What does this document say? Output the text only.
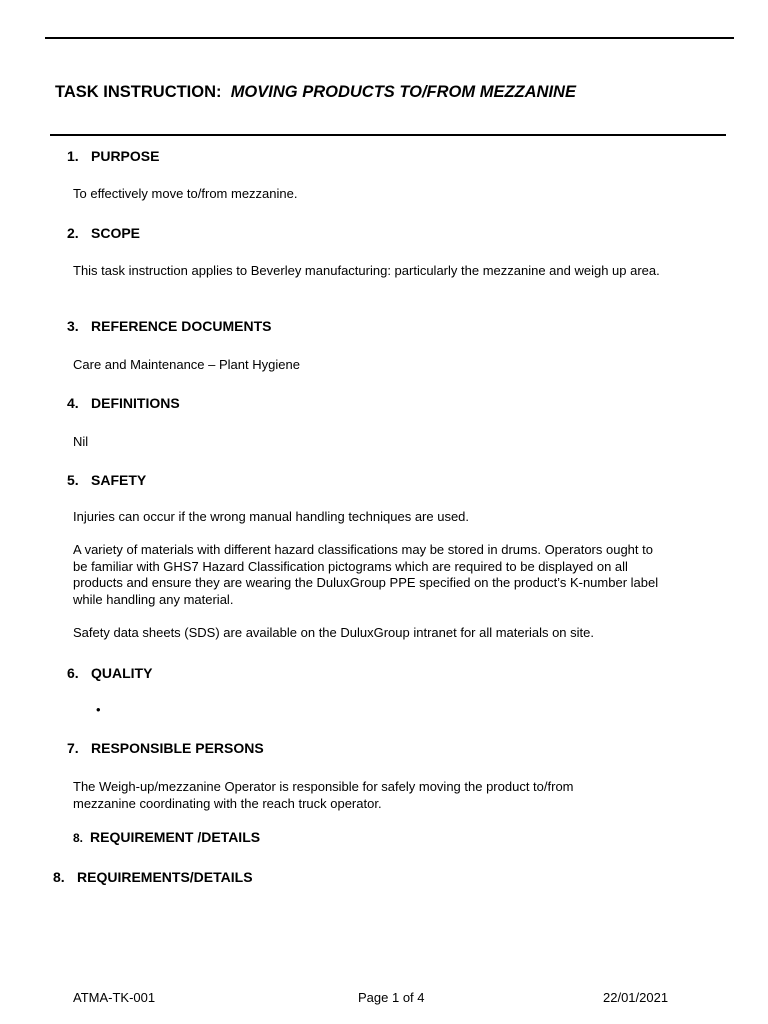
TASK INSTRUCTION: MOVING PRODUCTS TO/FROM MEZZANINE
1. PURPOSE
To effectively move to/from mezzanine.
2. SCOPE
This task instruction applies to Beverley manufacturing: particularly the mezzanine and weigh up area.
3. REFERENCE DOCUMENTS
Care and Maintenance – Plant Hygiene
4. DEFINITIONS
Nil
5. SAFETY
Injuries can occur if the wrong manual handling techniques are used.
A variety of materials with different hazard classifications may be stored in drums. Operators ought to be familiar with GHS7 Hazard Classification pictograms which are required to be displayed on all products and ensure they are wearing the DuluxGroup PPE specified on the product’s K-number label while handling any material.
Safety data sheets (SDS) are available on the DuluxGroup intranet for all materials on site.
6. QUALITY
•
7. RESPONSIBLE PERSONS
The Weigh-up/mezzanine Operator is responsible for safely moving the product to/from mezzanine coordinating with the reach truck operator.
8. REQUIREMENT /DETAILS
8. REQUIREMENTS/DETAILS
ATMA-TK-001	Page 1 of 4	22/01/2021
